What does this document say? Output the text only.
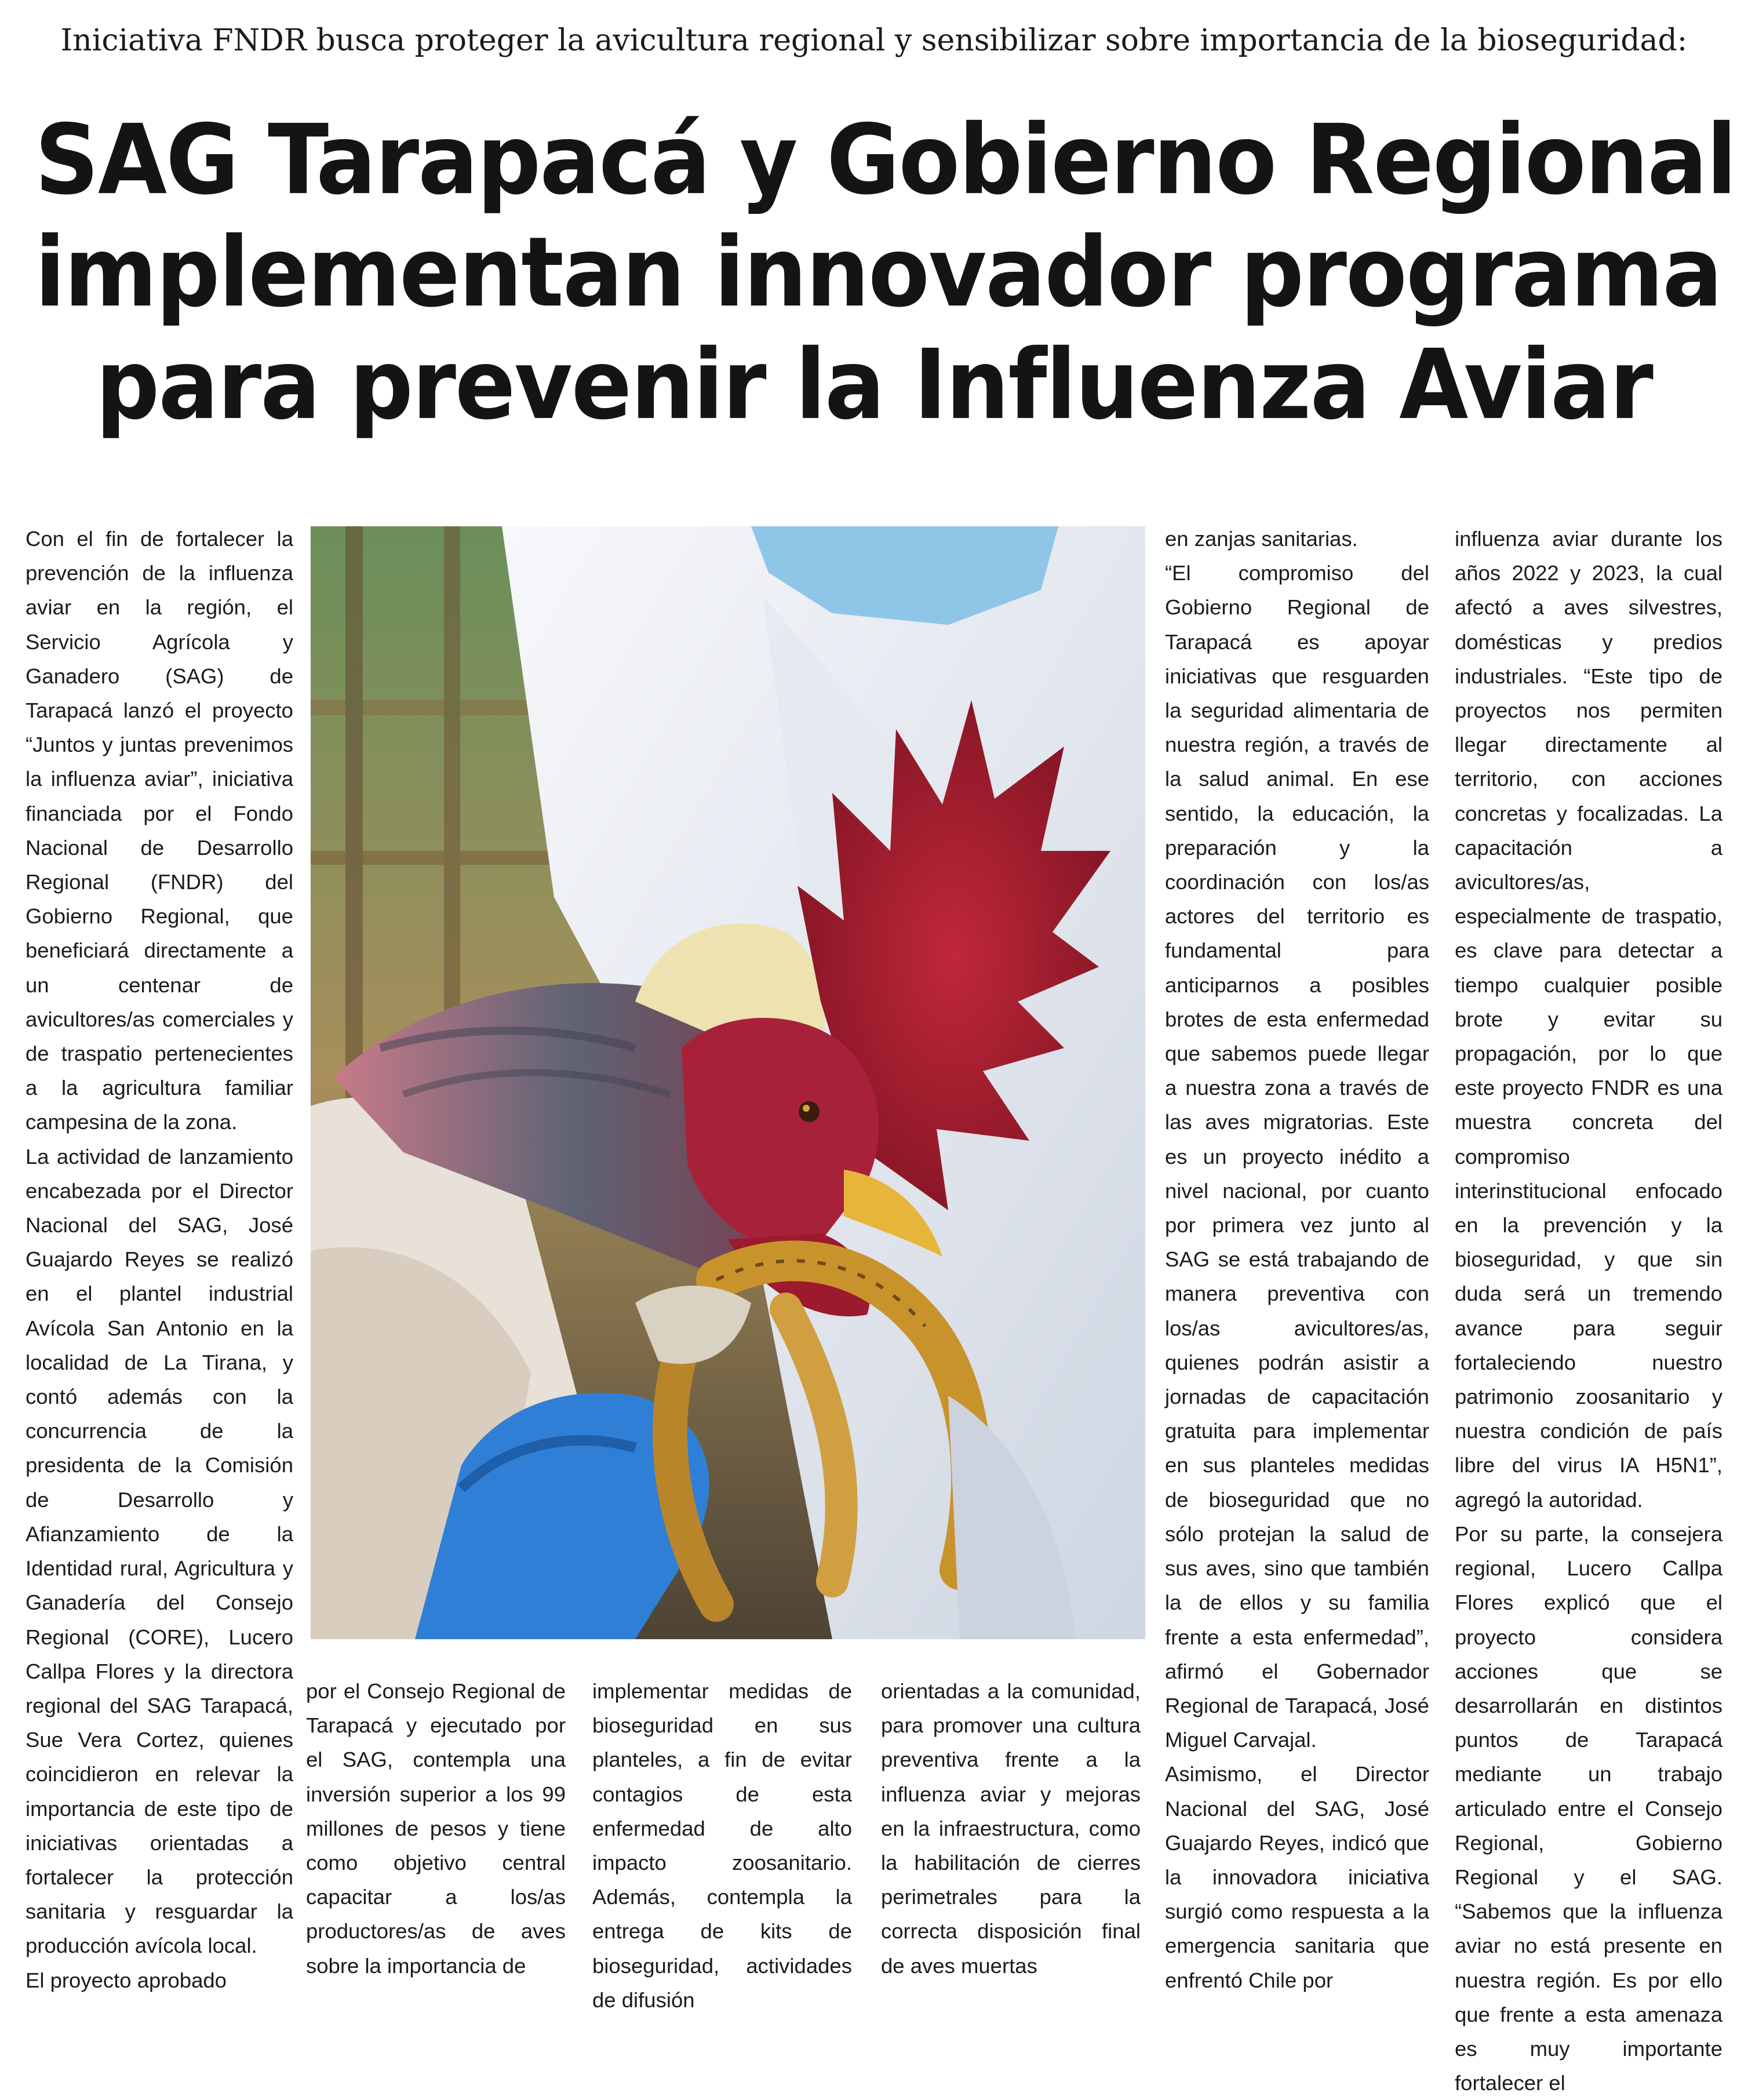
Iniciativa FNDR busca proteger la avicultura regional y sensibilizar sobre importancia de la bioseguridad:
SAG Tarapacá y Gobierno Regional
implementan innovador programa
para prevenir la Influenza Aviar

Con el fin de fortalecer la prevención de la influenza aviar en la región, el Servicio Agrícola y Ganadero (SAG) de Tarapacá lanzó el proyecto “Juntos y juntas prevenimos la influenza aviar”, iniciativa financiada por el Fondo Nacional de Desarrollo Regional (FNDR) del Gobierno Regional, que beneficiará directamente a un centenar de avicultores/as comerciales y de traspatio pertenecientes a la agricultura familiar campesina de la zona.

La actividad de lanzamiento encabezada por el Director Nacional del SAG, José Guajardo Reyes se realizó en el plantel industrial Avícola San Antonio en la localidad de La Tirana, y contó además con la concurrencia de la presidenta de la Comisión de Desarrollo y Afianzamiento de la Identidad rural, Agricultura y Ganadería del Consejo Regional (CORE), Lucero Callpa Flores y la directora regional del SAG Tarapacá, Sue Vera Cortez, quienes coincidieron en relevar la importancia de este tipo de iniciativas orientadas a fortalecer la protección sanitaria y resguardar la producción avícola local.

El proyecto aprobado

por el Consejo Regional de Tarapacá y ejecutado por el SAG, contempla una inversión superior a los 99 millones de pesos y tiene como objetivo central capacitar a los/as productores/as de aves sobre la importancia de

implementar medidas de bioseguridad en sus planteles, a fin de evitar contagios de esta enfermedad de alto impacto zoosanitario. Además, contempla la entrega de kits de bioseguridad, actividades de difusión

orientadas a la comunidad, para promover una cultura preventiva frente a la influenza aviar y mejoras en la infraestructura, como la habilitación de cierres perimetrales para la correcta disposición final de aves muertas

en zanjas sanitarias.

“El compromiso del Gobierno Regional de Tarapacá es apoyar iniciativas que resguarden la seguridad alimentaria de nuestra región, a través de la salud animal. En ese sentido, la educación, la preparación y la coordinación con los/as actores del territorio es fundamental para anticiparnos a posibles brotes de esta enfermedad que sabemos puede llegar a nuestra zona a través de las aves migratorias. Este es un proyecto inédito a nivel nacional, por cuanto por primera vez junto al SAG se está trabajando de manera preventiva con los/as avicultores/as, quienes podrán asistir a jornadas de capacitación gratuita para implementar en sus planteles medidas de bioseguridad que no sólo protejan la salud de sus aves, sino que también la de ellos y su familia frente a esta enfermedad”, afirmó el Gobernador Regional de Tarapacá, José Miguel Carvajal.

Asimismo, el Director Nacional del SAG, José Guajardo Reyes, indicó que la innovadora iniciativa surgió como respuesta a la emergencia sanitaria que enfrentó Chile por

influenza aviar durante los años 2022 y 2023, la cual afectó a aves silvestres, domésticas y predios industriales. “Este tipo de proyectos nos permiten llegar directamente al territorio, con acciones concretas y focalizadas. La capacitación a avicultores/as, especialmente de traspatio, es clave para detectar a tiempo cualquier posible brote y evitar su propagación, por lo que este proyecto FNDR es una muestra concreta del compromiso interinstitucional enfocado en la prevención y la bioseguridad, y que sin duda será un tremendo avance para seguir fortaleciendo nuestro patrimonio zoosanitario y nuestra condición de país libre del virus IA H5N1”, agregó la autoridad.

Por su parte, la consejera regional, Lucero Callpa Flores explicó que el proyecto considera acciones que se desarrollarán en distintos puntos de Tarapacá mediante un trabajo articulado entre el Consejo Regional, Gobierno Regional y el SAG. “Sabemos que la influenza aviar no está presente en nuestra región. Es por ello que frente a esta amenaza es muy importante fortalecer el
